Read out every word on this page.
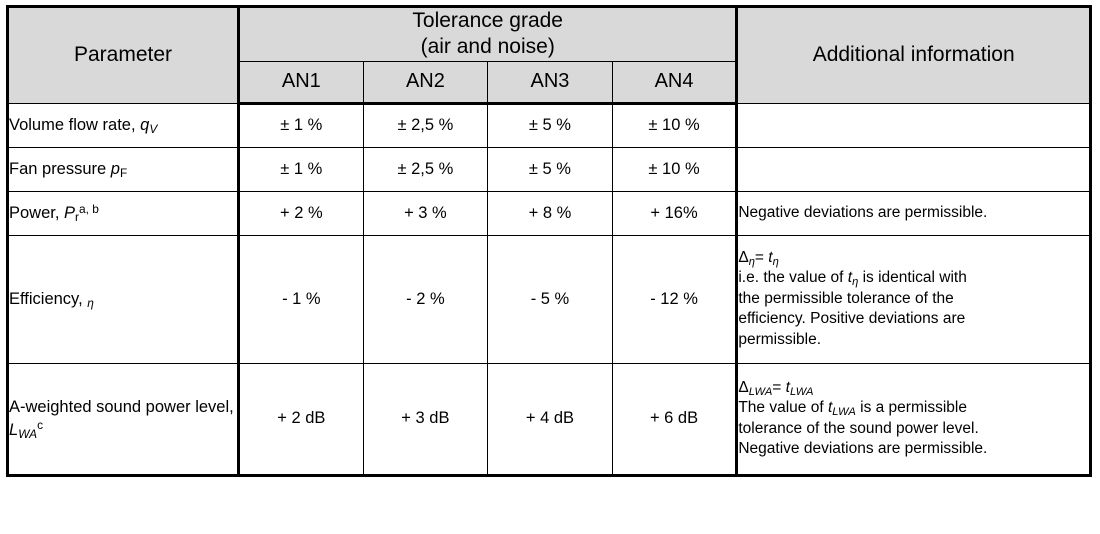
Parameter	Tolerance grade
(air and noise)				Additional information
	AN1	AN2	AN3	AN4	
Volume flow rate, $q_V$	± 1 %	± 2,5 %	± 5 %	± 10 %	
Fan pressure $p_F$	± 1 %	± 2,5 %	± 5 %	± 10 %	
Power, $P_r^{a, b}$	+ 2 %	+ 3 %	+ 8 %	+ 16%	Negative deviations are permissible.
Efficiency, $_\eta$	- 1 %	- 2 %	- 5 %	- 12 %	$\Delta_\eta= t_\eta$
i.e. the value of $t_\eta$ is identical with
the permissible tolerance of the
efficiency. Positive deviations are
permissible.
A-weighted sound power level, $L_{WA}^c$	+ 2 dB	+ 3 dB	+ 4 dB	+ 6 dB	$\Delta_{LWA}= t_{LWA}$
The value of $t_{LWA}$ is a permissible
tolerance of the sound power level.
Negative deviations are permissible.
